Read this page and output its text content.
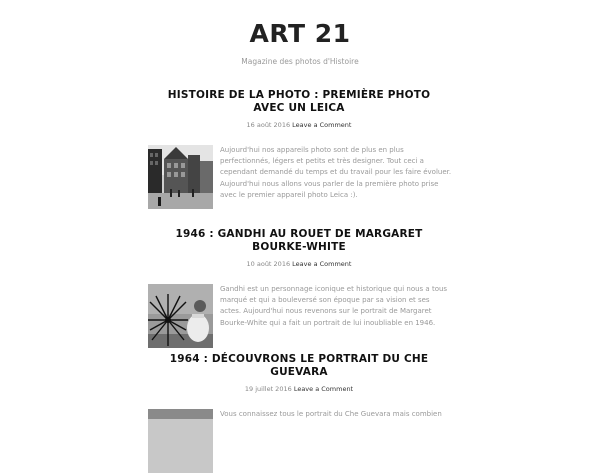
ART 21
Magazine des photos d'Histoire
HISTOIRE DE LA PHOTO : PREMIÈRE PHOTO AVEC UN LEICA
16 août 2016 Leave a Comment

Aujourd'hui nos appareils photo sont de plus en plus perfectionnés, légers et petits et très designer. Tout ceci a cependant demandé du temps et du travail pour les faire évoluer. Aujourd'hui nous allons vous parler de la première photo prise avec le premier appareil photo Leica :).

1946 : GANDHI AU ROUET DE MARGARET BOURKE-WHITE
10 août 2016 Leave a Comment

Gandhi est un personnage iconique et historique qui nous a tous marqué et qui a bouleversé son époque par sa vision et ses actes. Aujourd'hui nous revenons sur le portrait de Margaret Bourke-White qui a fait un portrait de lui inoubliable en 1946.

1964 : DÉCOUVRONS LE PORTRAIT DU CHE GUEVARA
19 juillet 2016 Leave a Comment

Vous connaissez tous le portrait du Che Guevara mais combien
